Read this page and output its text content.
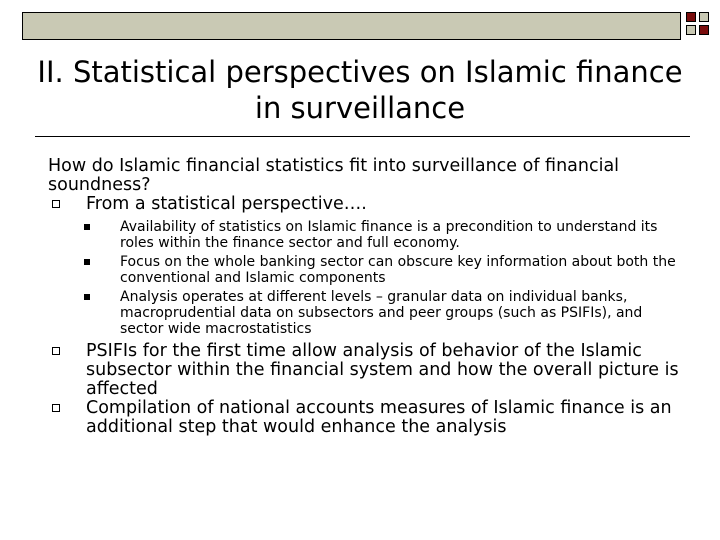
II. Statistical perspectives on Islamic finance
in surveillance

How do Islamic financial statistics fit into surveillance of financial soundness?

From a statistical perspective….
Availability of statistics on Islamic finance is a precondition to understand its roles within the finance sector and full economy.
Focus on the whole banking sector can obscure key information about both the conventional and Islamic components
Analysis operates at different levels – granular data on individual banks, macroprudential data on subsectors and peer groups (such as PSIFIs), and sector wide macrostatistics
PSIFIs for the first time allow analysis of behavior of the Islamic subsector within the financial system and how the overall picture is affected
Compilation of national accounts measures of Islamic finance is an additional step that would enhance the analysis
